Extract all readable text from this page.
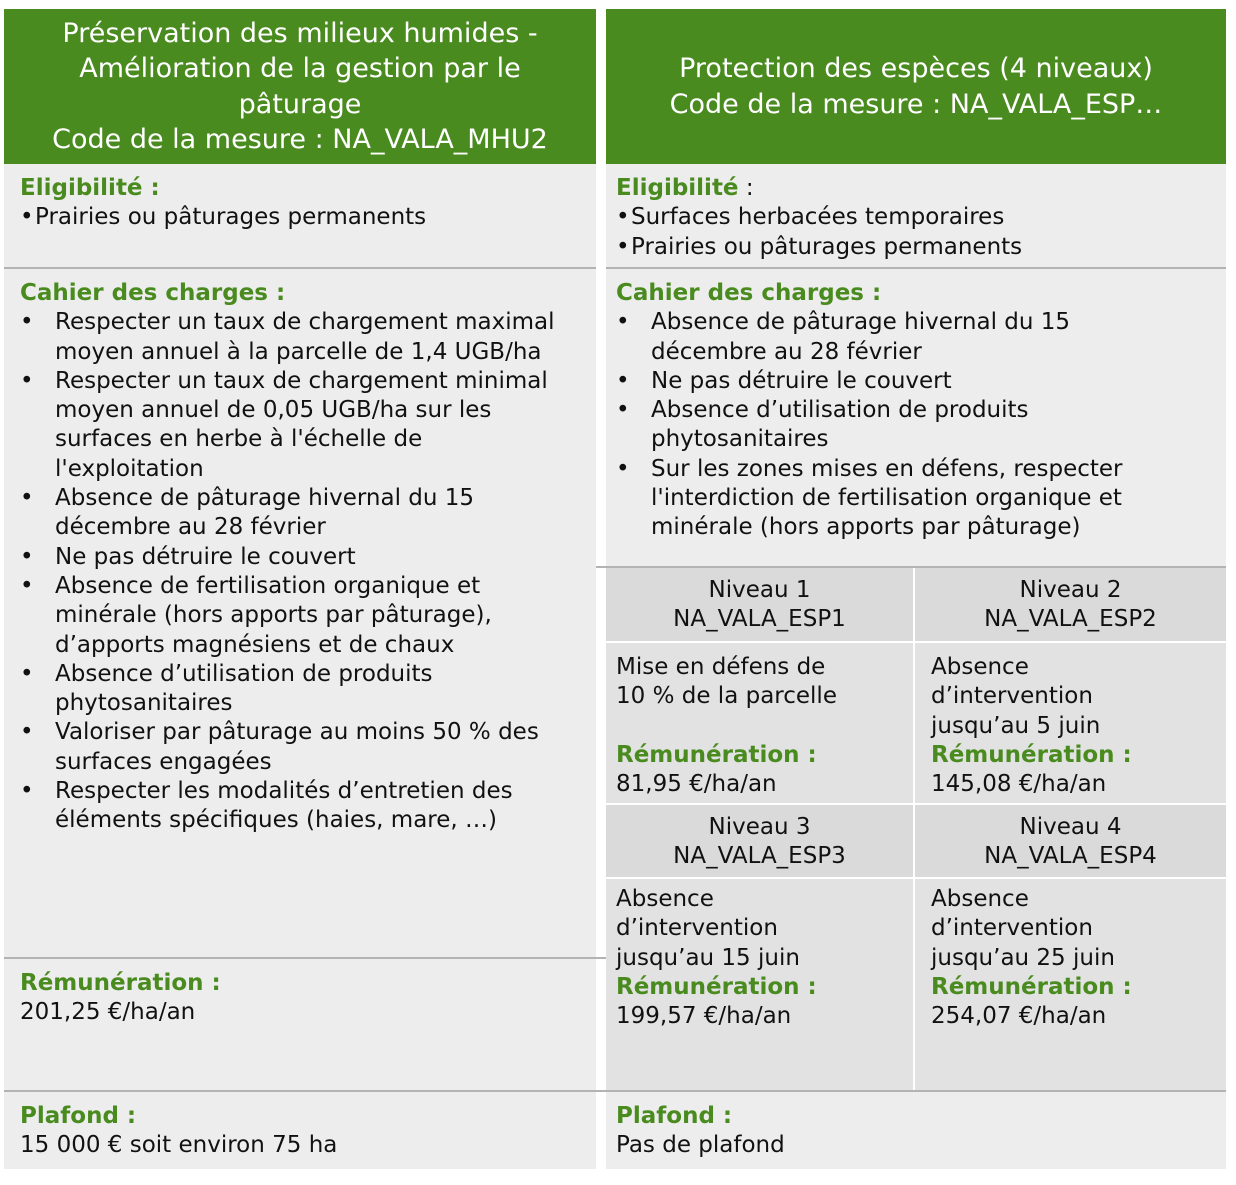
Préservation des milieux humides -
Amélioration de la gestion par le
pâturage
Code de la mesure : NA_VALA_MHU2
Eligibilité :
• Prairies ou pâturages permanents
Cahier des charges :
• Respecter un taux de chargement maximal moyen annuel à la parcelle de 1,4 UGB/ha
• Respecter un taux de chargement minimal moyen annuel de 0,05 UGB/ha sur les surfaces en herbe à l'échelle de l'exploitation
• Absence de pâturage hivernal du 15 décembre au 28 février
• Ne pas détruire le couvert
• Absence de fertilisation organique et minérale (hors apports par pâturage), d’apports magnésiens et de chaux
• Absence d’utilisation de produits phytosanitaires
• Valoriser par pâturage au moins 50 % des surfaces engagées
• Respecter les modalités d’entretien des éléments spécifiques (haies, mare, …)
Rémunération :
201,25 €/ha/an
Plafond :
15 000 € soit environ 75 ha
Protection des espèces (4 niveaux)
Code de la mesure : NA_VALA_ESP…
Eligibilité :
• Surfaces herbacées temporaires
• Prairies ou pâturages permanents
Cahier des charges :
• Absence de pâturage hivernal du 15 décembre au 28 février
• Ne pas détruire le couvert
• Absence d’utilisation de produits phytosanitaires
• Sur les zones mises en défens, respecter l'interdiction de fertilisation organique et minérale (hors apports par pâturage)
Niveau 1
NA_VALA_ESP1
Niveau 2
NA_VALA_ESP2
Mise en défens de
10 % de la parcelle
Rémunération :
81,95 €/ha/an
Absence
d’intervention
jusqu’au 5 juin
Rémunération :
145,08 €/ha/an
Niveau 3
NA_VALA_ESP3
Niveau 4
NA_VALA_ESP4
Absence
d’intervention
jusqu’au 15 juin
Rémunération :
199,57 €/ha/an
Absence
d’intervention
jusqu’au 25 juin
Rémunération :
254,07 €/ha/an
Plafond :
Pas de plafond
